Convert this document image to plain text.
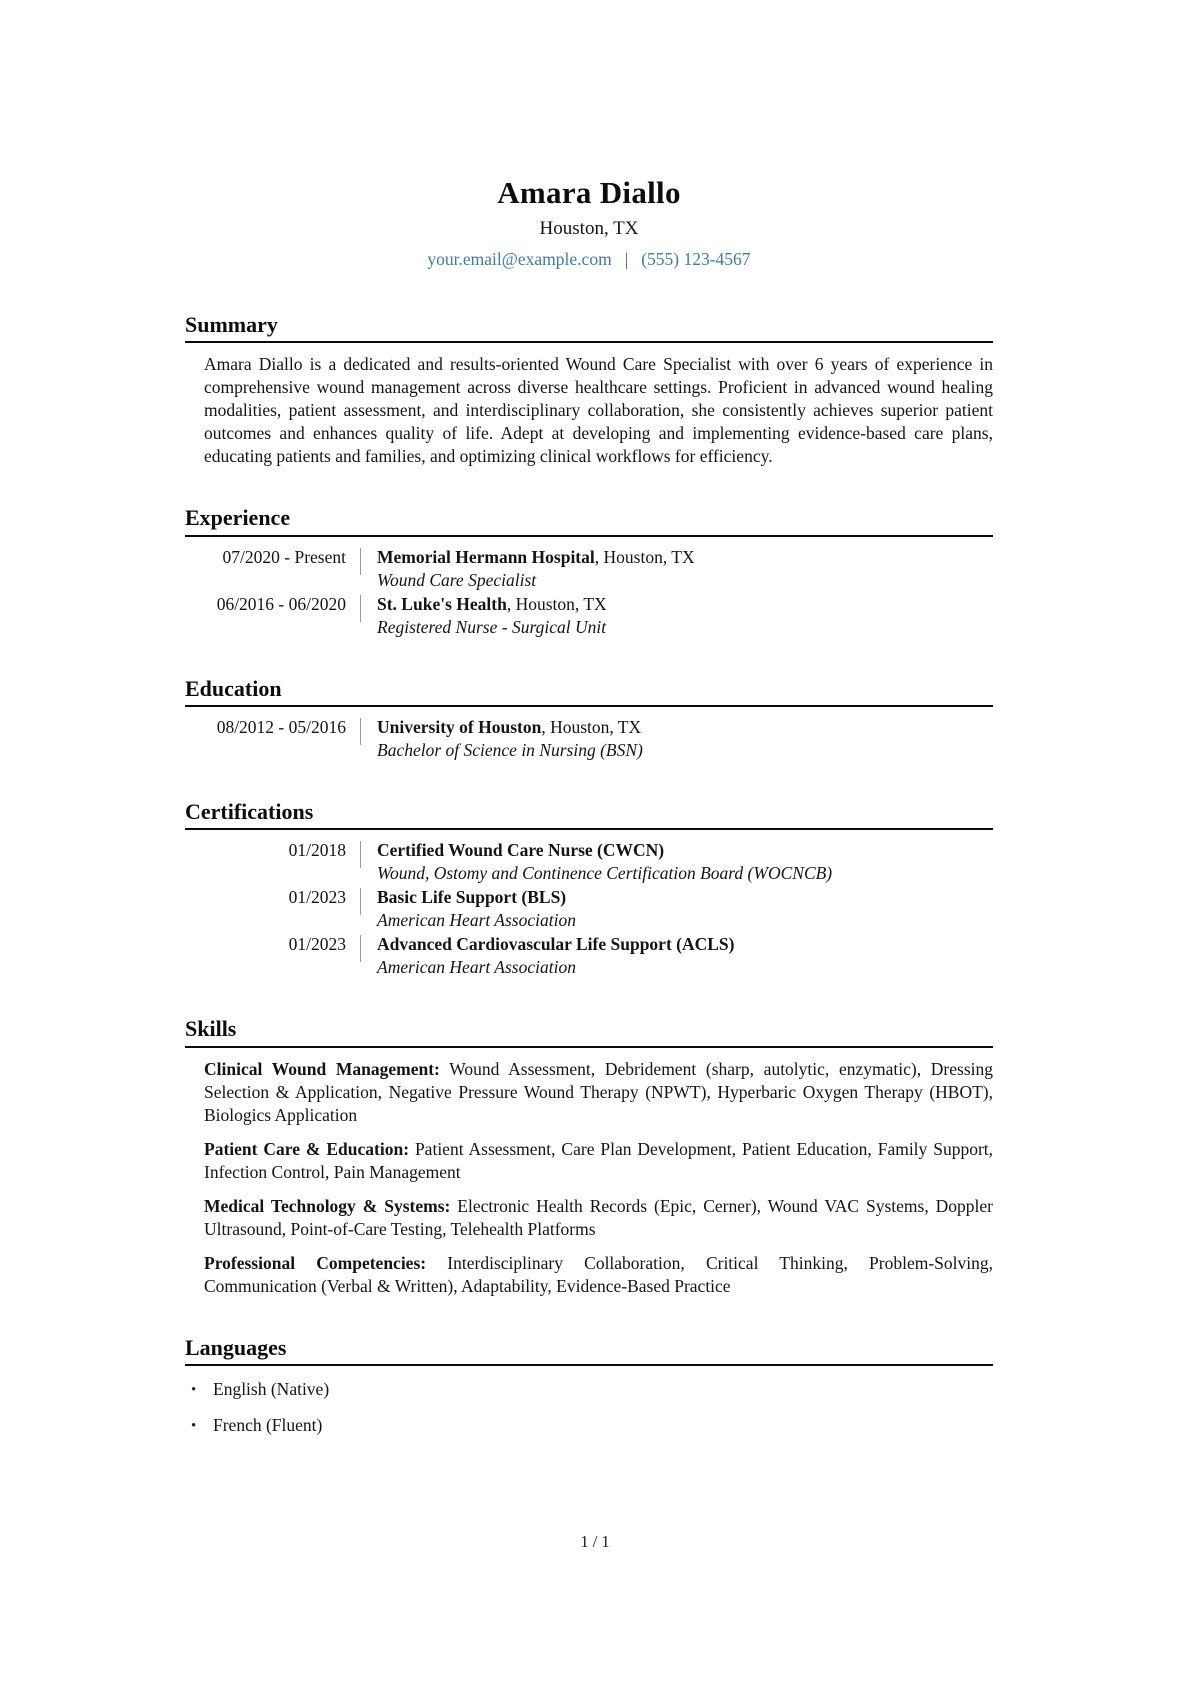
Amara Diallo
Houston, TX
your.email@example.com | (555) 123-4567
Summary

Amara Diallo is a dedicated and results-oriented Wound Care Specialist with over 6 years of experience in comprehensive wound management across diverse healthcare settings. Proficient in advanced wound healing modalities, patient assessment, and interdisciplinary collaboration, she consistently achieves superior patient outcomes and enhances quality of life. Adept at developing and implementing evidence-based care plans, educating patients and families, and optimizing clinical workflows for efficiency.

Experience
07/2020 - Present	Memorial Hermann Hospital, Houston, TX
Wound Care Specialist
06/2016 - 06/2020	St. Luke's Health, Houston, TX
Registered Nurse - Surgical Unit
Education
08/2012 - 05/2016	University of Houston, Houston, TX
Bachelor of Science in Nursing (BSN)
Certifications
01/2018	Certified Wound Care Nurse (CWCN)
Wound, Ostomy and Continence Certification Board (WOCNCB)
01/2023	Basic Life Support (BLS)
American Heart Association
01/2023	Advanced Cardiovascular Life Support (ACLS)
American Heart Association
Skills

Clinical Wound Management: Wound Assessment, Debridement (sharp, autolytic, enzymatic), Dressing Selection & Application, Negative Pressure Wound Therapy (NPWT), Hyperbaric Oxygen Therapy (HBOT), Biologics Application

Patient Care & Education: Patient Assessment, Care Plan Development, Patient Education, Family Support, Infection Control, Pain Management

Medical Technology & Systems: Electronic Health Records (Epic, Cerner), Wound VAC Systems, Doppler Ultrasound, Point-of-Care Testing, Telehealth Platforms

Professional Competencies: Interdisciplinary Collaboration, Critical Thinking, Problem-Solving, Communication (Verbal & Written), Adaptability, Evidence-Based Practice

Languages
• English (Native)
• French (Fluent)
1 / 1
